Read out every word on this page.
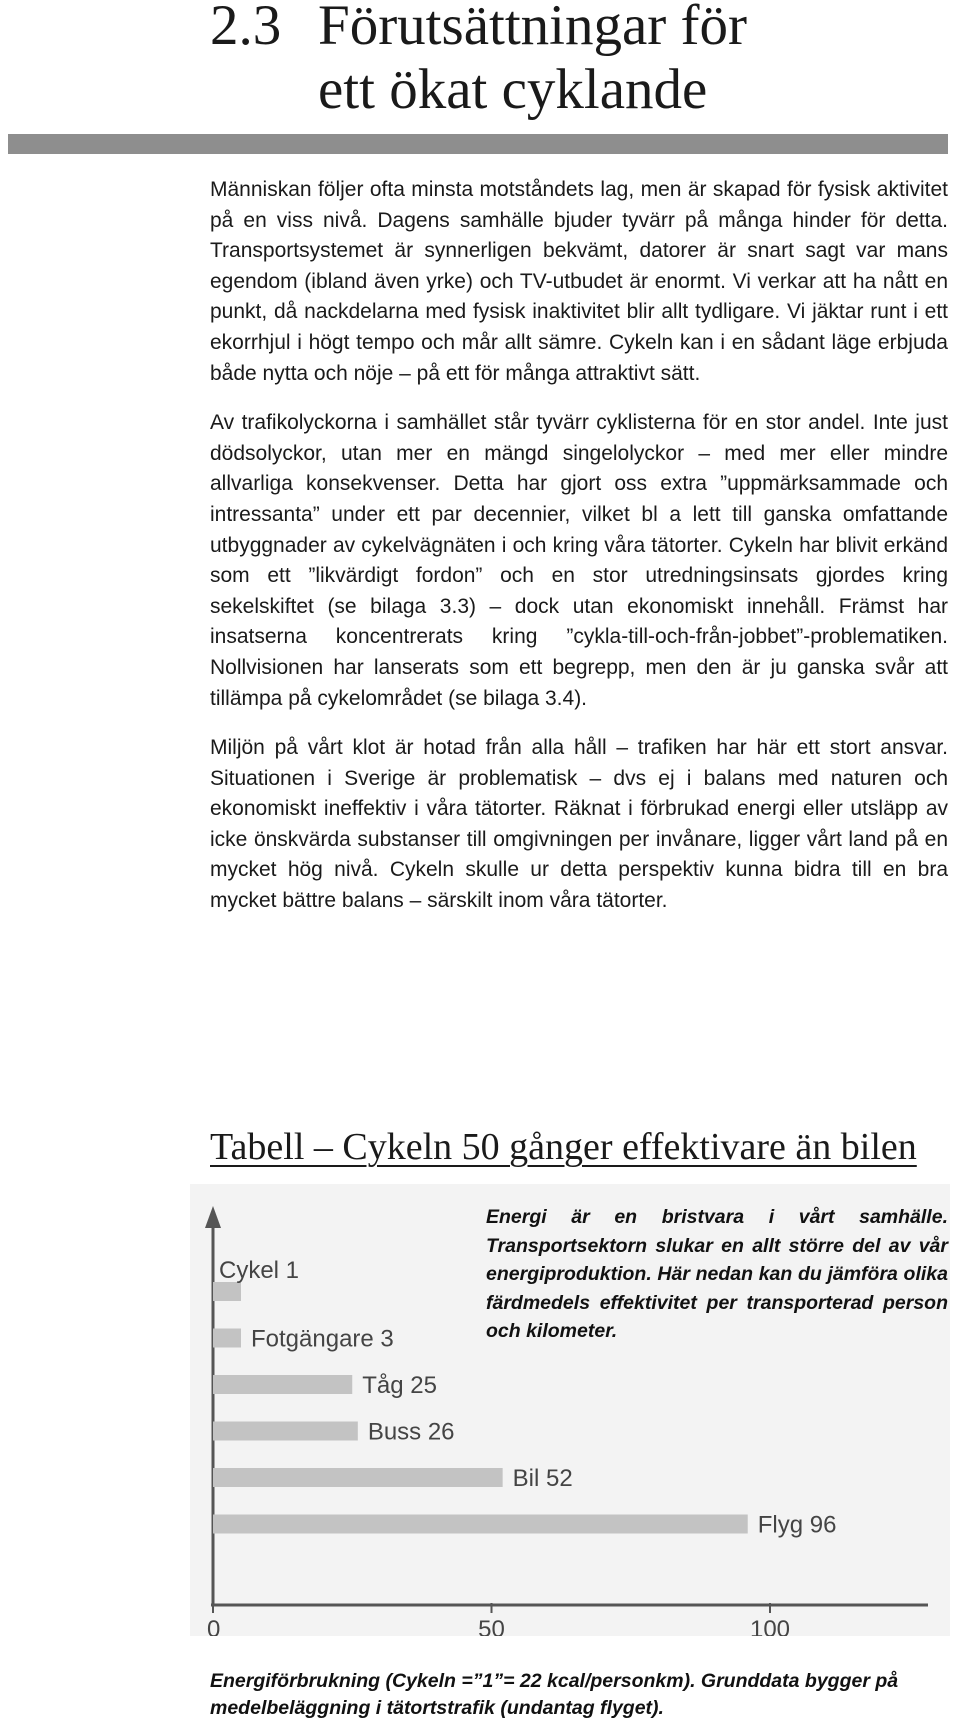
2.3 Förutsättningar för
ett ökat cyklande

Människan följer ofta minsta motståndets lag, men är skapad för fysisk aktivitet på en viss nivå. Dagens samhälle bjuder tyvärr på många hinder för detta. Transportsystemet är synnerligen bekvämt, datorer är snart sagt var mans egendom (ibland även yrke) och TV-utbudet är enormt. Vi verkar att ha nått en punkt, då nackdelarna med fysisk inaktivitet blir allt tydligare. Vi jäktar runt i ett ekorrhjul i högt tempo och mår allt sämre. Cykeln kan i en sådant läge erbjuda både nytta och nöje – på ett för många attraktivt sätt.

Av trafikolyckorna i samhället står tyvärr cyklisterna för en stor andel. Inte just dödsolyckor, utan mer en mängd singelolyckor – med mer eller mindre allvarliga konsekvenser. Detta har gjort oss extra ”uppmärksammade och intressanta” under ett par decennier, vilket bl a lett till ganska omfattande utbyggnader av cykelvägnäten i och kring våra tätorter. Cykeln har blivit erkänd som ett ”likvärdigt fordon” och en stor utredningsinsats gjordes kring sekelskiftet (se bilaga 3.3) – dock utan ekonomiskt innehåll. Främst har insatserna koncentrerats kring ”cykla-till-och-från-jobbet”-problematiken. Nollvisionen har lanserats som ett begrepp, men den är ju ganska svår att tillämpa på cykelområdet (se bilaga 3.4).

Miljön på vårt klot är hotad från alla håll – trafiken har här ett stort ansvar. Situationen i Sverige är problematisk – dvs ej i balans med naturen och ekonomiskt ineffektiv i våra tätorter. Räknat i förbrukad energi eller utsläpp av icke önskvärda substanser till omgivningen per invånare, ligger vårt land på en mycket hög nivå. Cykeln skulle ur detta perspektiv kunna bidra till en bra mycket bättre balans – särskilt inom våra tätorter.

Tabell – Cykeln 50 gånger effektivare än bilen
0	50	100
Cykel 1
Fotgängare 3
Tåg 25
Buss 26
Bil 52
Flyg 96
Energi är en bristvara i vårt samhälle. Transportsektorn slukar en allt större del av vår energiproduktion. Här nedan kan du jämföra olika färdmedels effektivitet per transporterad person och kilometer.
Energiförbrukning (Cykeln =”1”= 22 kcal/personkm). Grunddata bygger på medelbeläggning i tätortstrafik (undantag flyget).
